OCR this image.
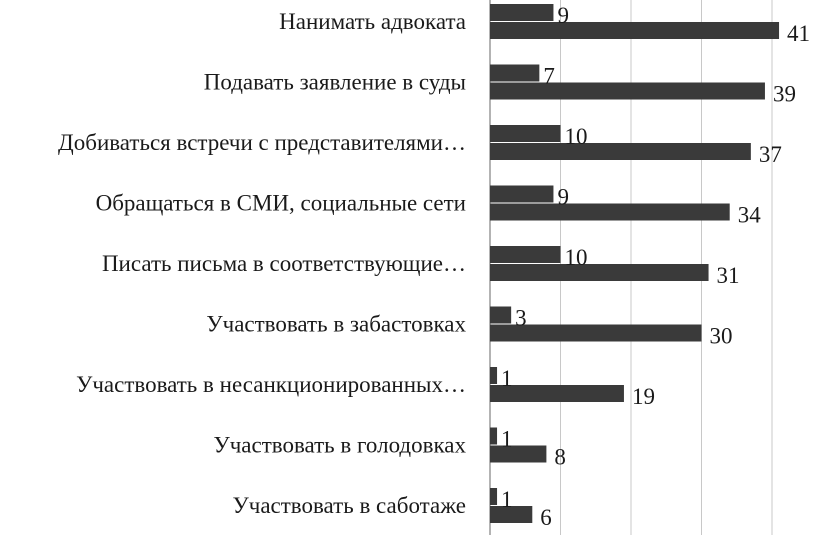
Нанимать адвоката	9
41
Подавать заявление в суды	7
39
Добиваться встречи с представителями…	10
37
Обращаться в СМИ, социальные сети	9
34
Писать письма в соответствующие…	10
31
Участвовать в забастовках 3
30
Участвовать в несанкционированных… 1
19
Участвовать в голодовках 1
8
Участвовать в саботаже 1
6
